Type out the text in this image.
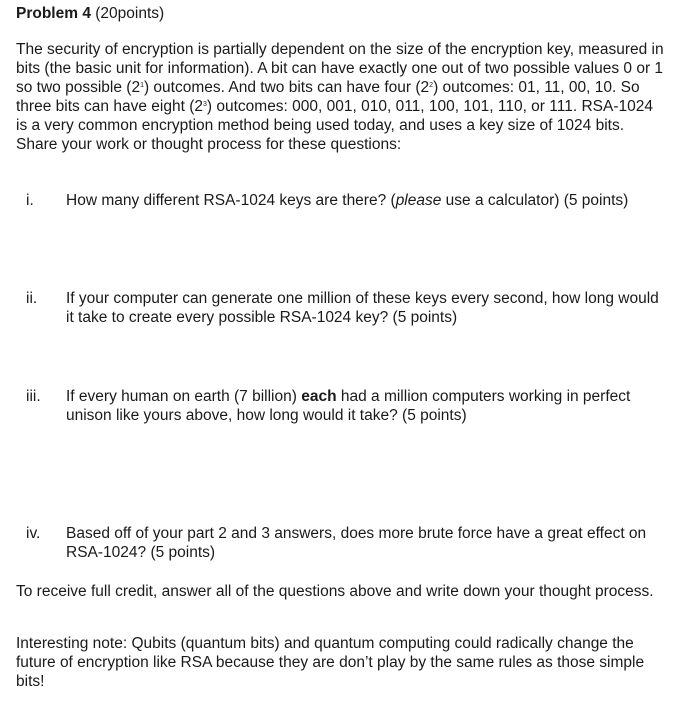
Problem 4 (20points)
The security of encryption is partially dependent on the size of the encryption key, measured in bits (the basic unit for information). A bit can have exactly one out of two possible values 0 or 1 so two possible $(2^1)$ outcomes. And two bits can have four $(2^2)$ outcomes: 01, 11, 00, 10. So three bits can have eight $(2^3)$ outcomes: 000, 001, 010, 011, 100, 101, 110, or 111. RSA-1024 is a very common encryption method being used today, and uses a key size of 1024 bits. Share your work or thought process for these questions:
i.	How many different RSA-1024 keys are there? (please use a calculator) (5 points)
ii.	If your computer can generate one million of these keys every second, how long would it take to create every possible RSA-1024 key? (5 points)
iii.	If every human on earth (7 billion) each had a million computers working in perfect unison like yours above, how long would it take? (5 points)
iv.	Based off of your part 2 and 3 answers, does more brute force have a great effect on RSA-1024? (5 points)
To receive full credit, answer all of the questions above and write down your thought process.
Interesting note: Qubits (quantum bits) and quantum computing could radically change the future of encryption like RSA because they are don’t play by the same rules as those simple bits!
